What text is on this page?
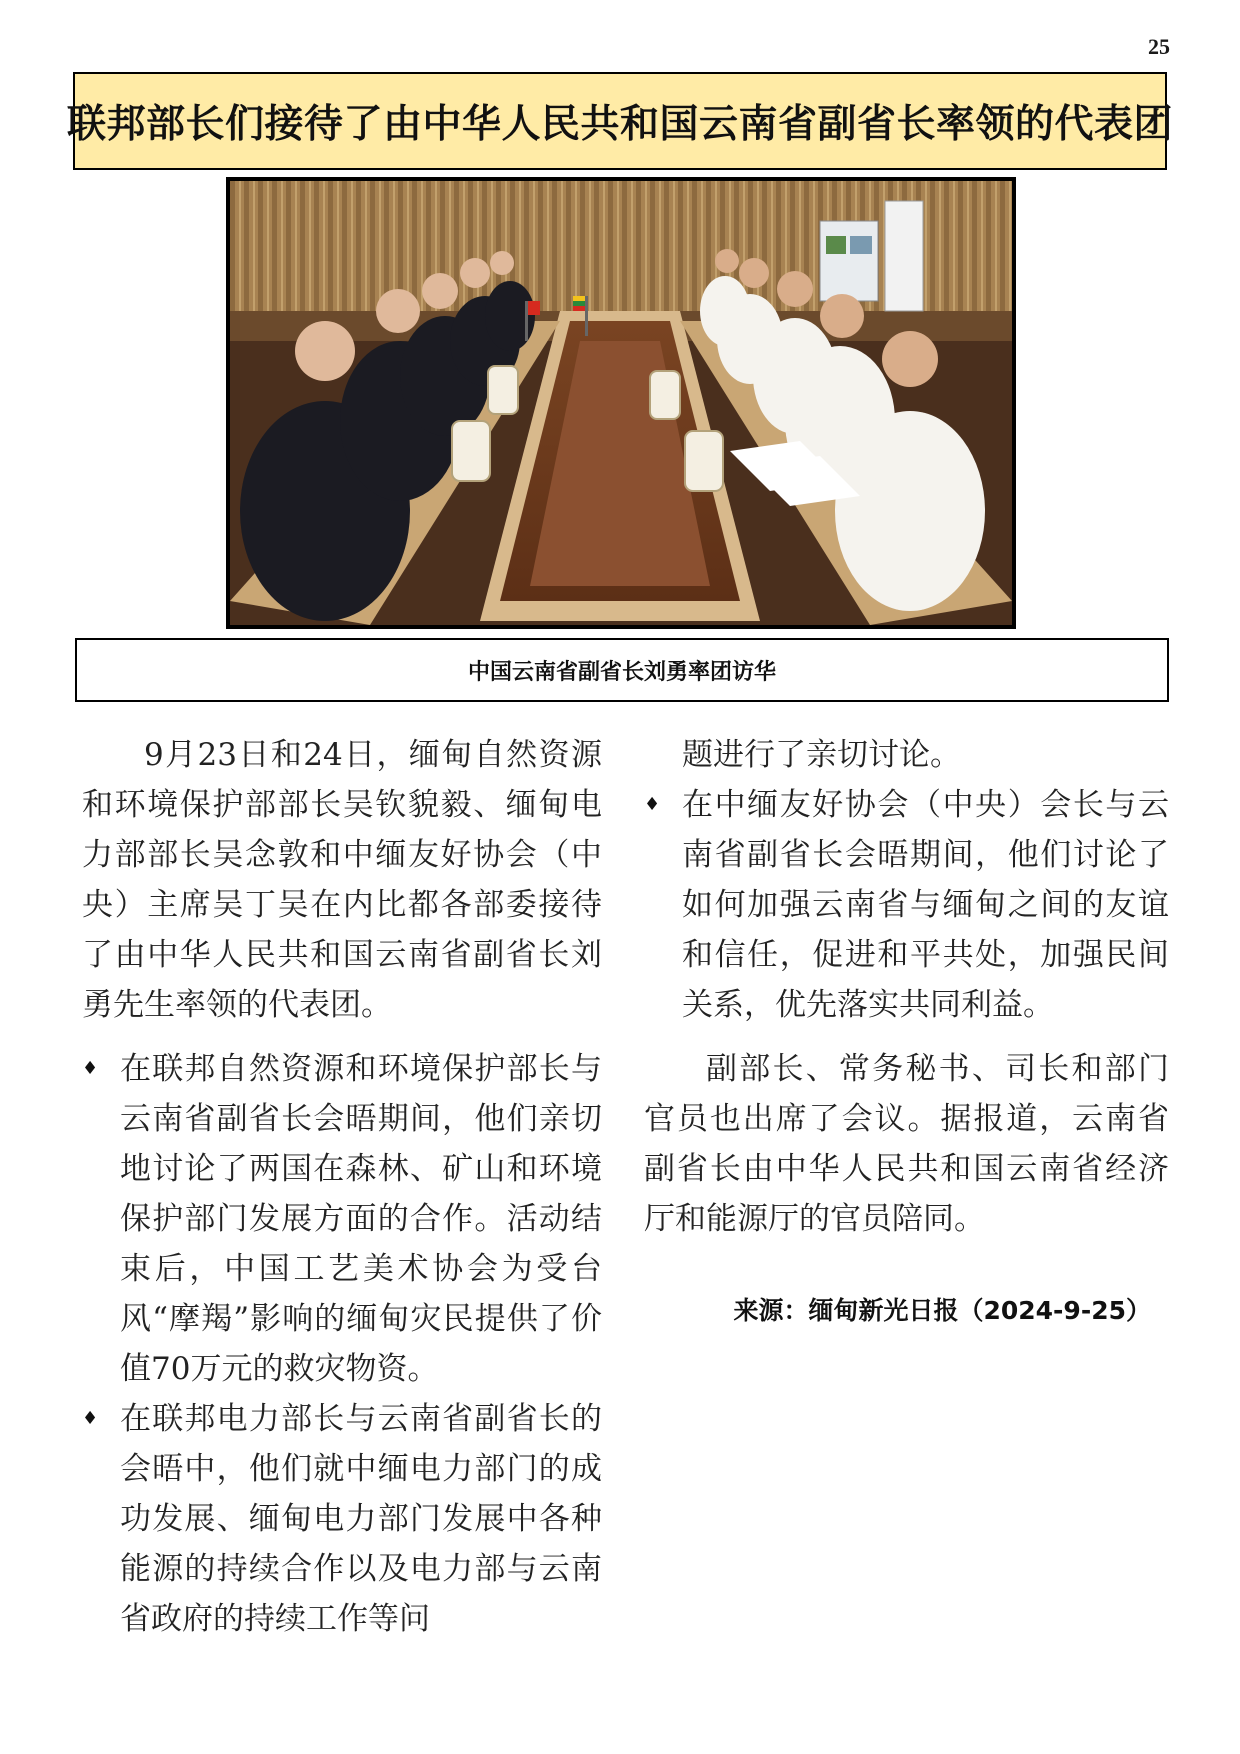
25
联邦部长们接待了由中华人民共和国云南省副省长率领的代表团
中国云南省副省长刘勇率团访华

9月23日和24日，缅甸自然资源和环境保护部部长吴钦貌毅、缅甸电力部部长吴念敦和中缅友好协会（中央）主席吴丁吴在内比都各部委接待了由中华人民共和国云南省副省长刘勇先生率领的代表团。

♦ 在联邦自然资源和环境保护部长与云南省副省长会晤期间，他们亲切地讨论了两国在森林、矿山和环境保护部门发展方面的合作。活动结束后，中国工艺美术协会为受台风“摩羯”影响的缅甸灾民提供了价值70万元的救灾物资。
♦ 在联邦电力部长与云南省副省长的会晤中，他们就中缅电力部门的成功发展、缅甸电力部门发展中各种能源的持续合作以及电力部与云南省政府的持续工作等问

题进行了亲切讨论。

♦ 在中缅友好协会（中央）会长与云南省副省长会晤期间，他们讨论了如何加强云南省与缅甸之间的友谊和信任，促进和平共处，加强民间关系，优先落实共同利益。

副部长、常务秘书、司长和部门官员也出席了会议。据报道，云南省副省长由中华人民共和国云南省经济厅和能源厅的官员陪同。

来源：缅甸新光日报（2024-9-25）
